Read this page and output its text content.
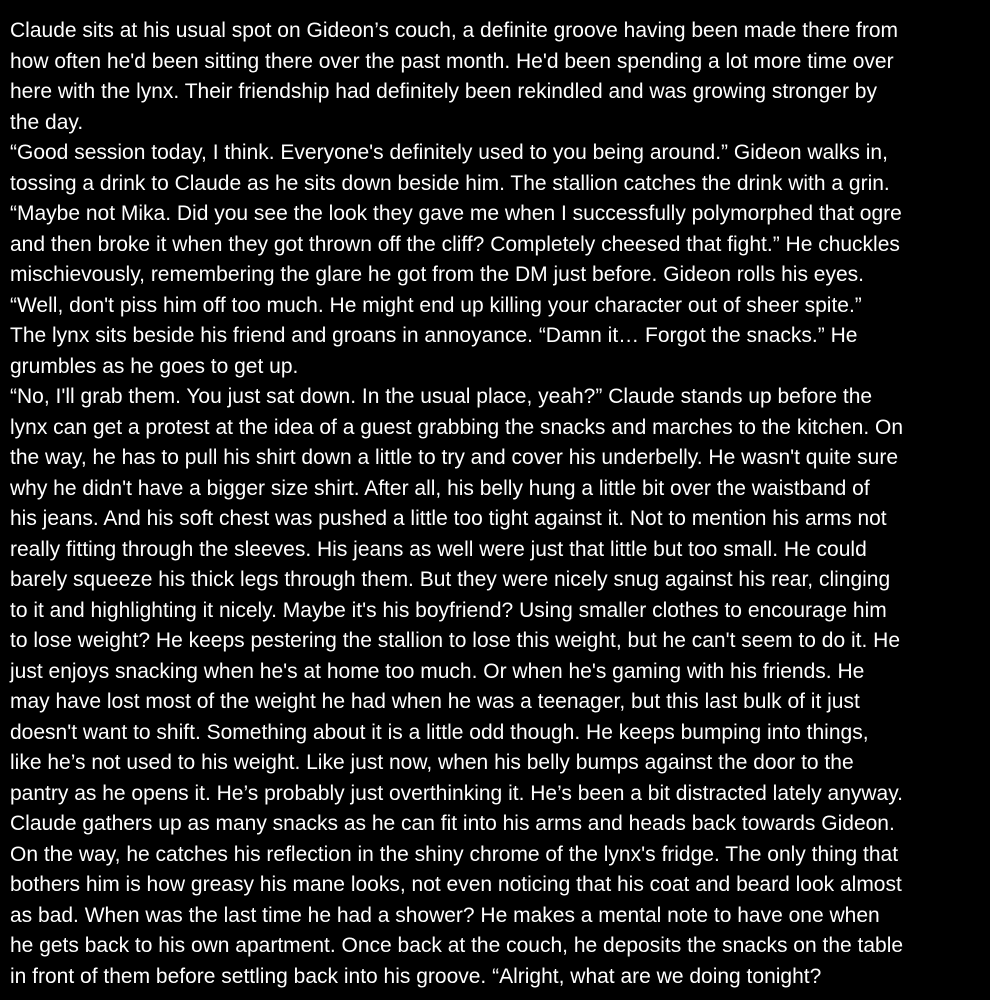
Claude sits at his usual spot on Gideon’s couch, a definite groove having been made there from
how often he'd been sitting there over the past month. He'd been spending a lot more time over
here with the lynx. Their friendship had definitely been rekindled and was growing stronger by
the day.
“Good session today, I think. Everyone's definitely used to you being around.” Gideon walks in,
tossing a drink to Claude as he sits down beside him. The stallion catches the drink with a grin.
“Maybe not Mika. Did you see the look they gave me when I successfully polymorphed that ogre
and then broke it when they got thrown off the cliff? Completely cheesed that fight.” He chuckles
mischievously, remembering the glare he got from the DM just before. Gideon rolls his eyes.
“Well, don't piss him off too much. He might end up killing your character out of sheer spite.”
The lynx sits beside his friend and groans in annoyance. “Damn it… Forgot the snacks.” He
grumbles as he goes to get up.
“No, I'll grab them. You just sat down. In the usual place, yeah?” Claude stands up before the
lynx can get a protest at the idea of a guest grabbing the snacks and marches to the kitchen. On
the way, he has to pull his shirt down a little to try and cover his underbelly. He wasn't quite sure
why he didn't have a bigger size shirt. After all, his belly hung a little bit over the waistband of
his jeans. And his soft chest was pushed a little too tight against it. Not to mention his arms not
really fitting through the sleeves. His jeans as well were just that little but too small. He could
barely squeeze his thick legs through them. But they were nicely snug against his rear, clinging
to it and highlighting it nicely. Maybe it's his boyfriend? Using smaller clothes to encourage him
to lose weight? He keeps pestering the stallion to lose this weight, but he can't seem to do it. He
just enjoys snacking when he's at home too much. Or when he's gaming with his friends. He
may have lost most of the weight he had when he was a teenager, but this last bulk of it just
doesn't want to shift. Something about it is a little odd though. He keeps bumping into things,
like he’s not used to his weight. Like just now, when his belly bumps against the door to the
pantry as he opens it. He’s probably just overthinking it. He’s been a bit distracted lately anyway.
Claude gathers up as many snacks as he can fit into his arms and heads back towards Gideon.
On the way, he catches his reflection in the shiny chrome of the lynx's fridge. The only thing that
bothers him is how greasy his mane looks, not even noticing that his coat and beard look almost
as bad. When was the last time he had a shower? He makes a mental note to have one when
he gets back to his own apartment. Once back at the couch, he deposits the snacks on the table
in front of them before settling back into his groove. “Alright, what are we doing tonight?
